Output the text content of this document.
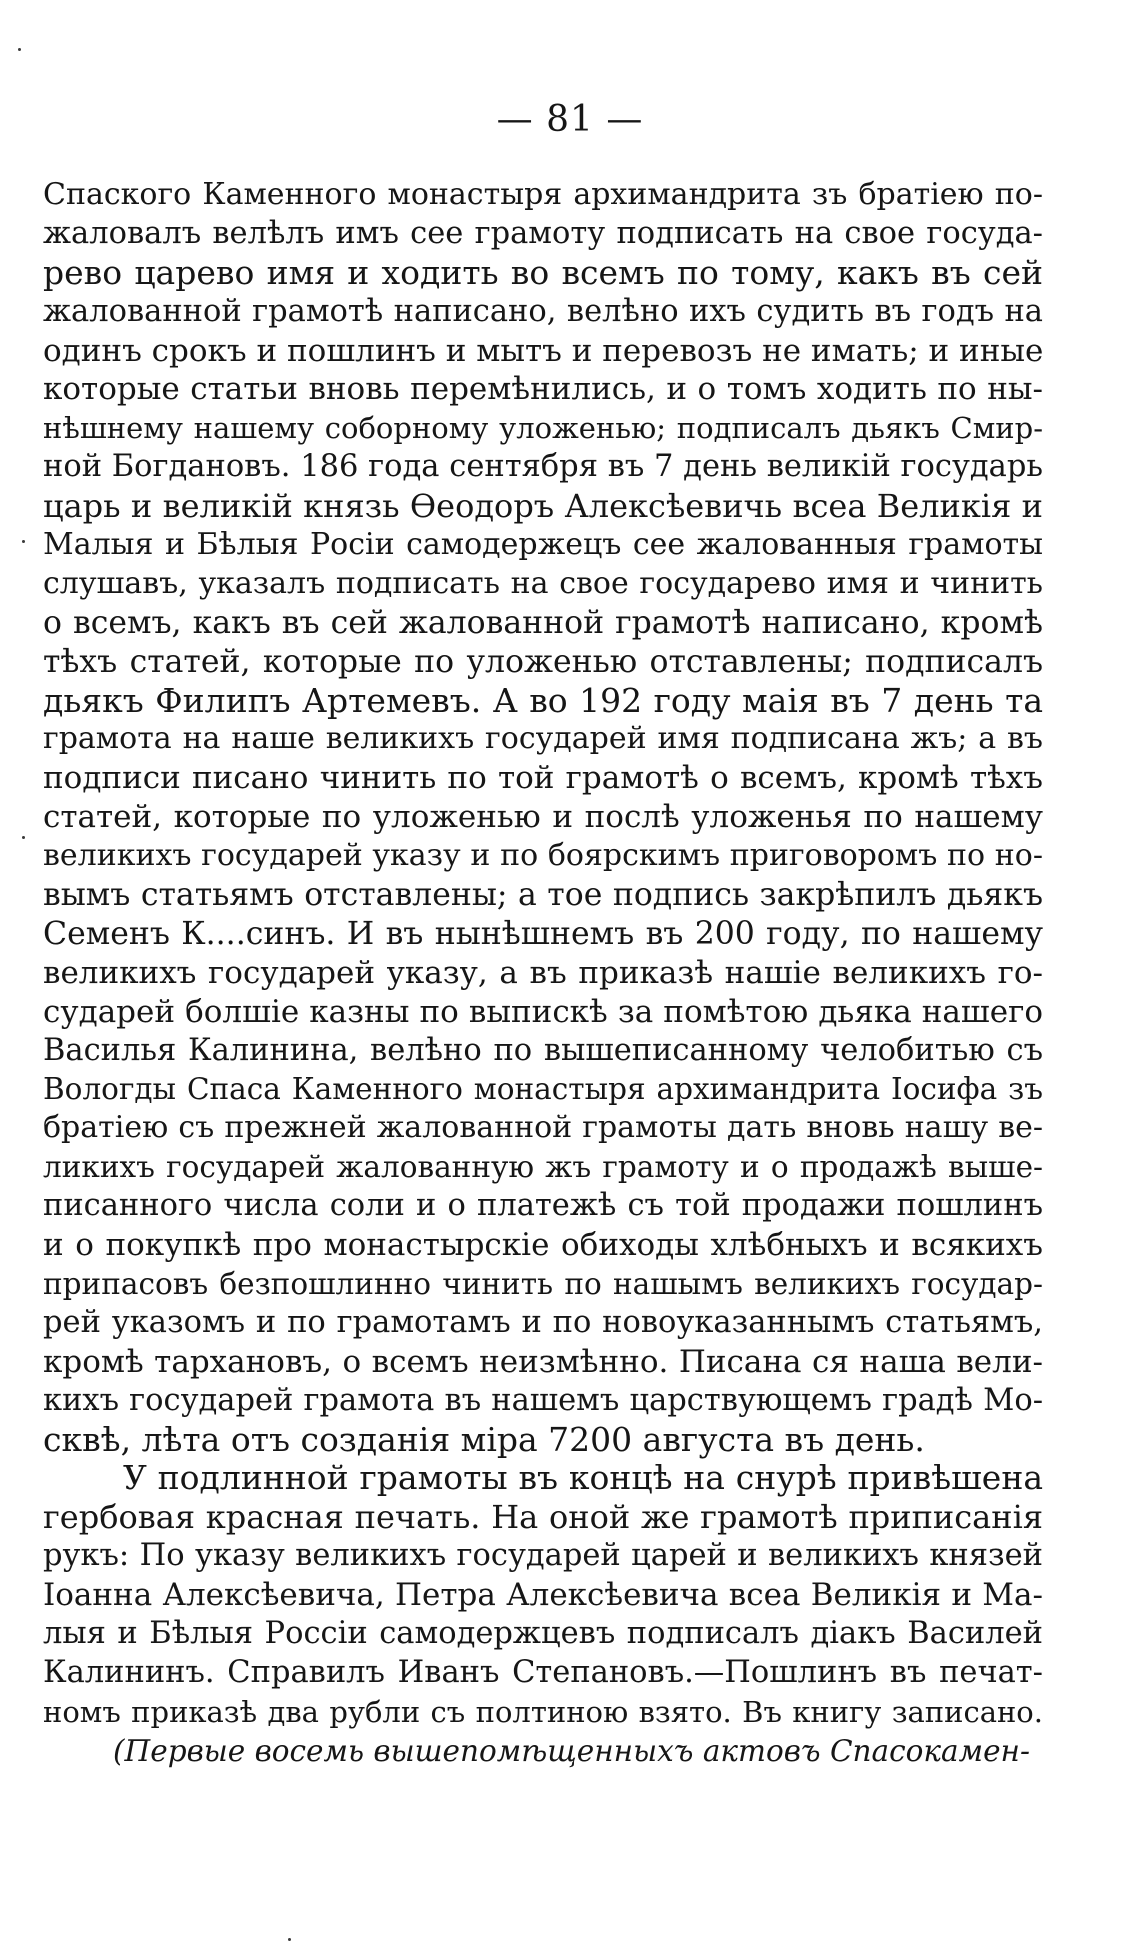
— 81 —
Спаского Каменного монастыря архимандрита зъ братіею по-
жаловалъ велѣлъ имъ сее грамоту подписать на свое госуда-
рево царево имя и ходить во всемъ по тому, какъ въ сей
жалованной грамотѣ написано, велѣно ихъ судить въ годъ на
одинъ срокъ и пошлинъ и мытъ и перевозъ не имать; и иные
которые статьи вновь перемѣнились, и о томъ ходить по ны-
нѣшнему нашему соборному уложенью; подписалъ дьякъ Смир-
ной Богдановъ. 186 года сентября въ 7 день великій государь
царь и великій князь Ѳеодоръ Алексѣевичь всеа Великія и
Малыя и Бѣлыя Росіи самодержецъ сее жалованныя грамоты
слушавъ, указалъ подписать на свое государево имя и чинить
о всемъ, какъ въ сей жалованной грамотѣ написано, кромѣ
тѣхъ статей, которые по уложенью отставлены; подписалъ
дьякъ Филипъ Артемевъ. А во 192 году маія въ 7 день та
грамота на наше великихъ государей имя подписана жъ; а въ
подписи писано чинить по той грамотѣ о всемъ, кромѣ тѣхъ
статей, которые по уложенью и послѣ уложенья по нашему
великихъ государей указу и по боярскимъ приговоромъ по но-
вымъ статьямъ отставлены; а тое подпись закрѣпилъ дьякъ
Семенъ К....синъ. И въ нынѣшнемъ въ 200 году, по нашему
великихъ государей указу, а въ приказѣ нашіе великихъ го-
сударей болшіе казны по выпискѣ за помѣтою дьяка нашего
Василья Калинина, велѣно по вышеписанному челобитью съ
Вологды Спаса Каменного монастыря архимандрита Іосифа зъ
братіею съ прежней жалованной грамоты дать вновь нашу ве-
ликихъ государей жалованную жъ грамоту и о продажѣ выше-
писанного числа соли и о платежѣ съ той продажи пошлинъ
и о покупкѣ про монастырскіе обиходы хлѣбныхъ и всякихъ
припасовъ безпошлинно чинить по нашымъ великихъ государ-
рей указомъ и по грамотамъ и по новоуказаннымъ статьямъ,
кромѣ тархановъ, о всемъ неизмѣнно. Писана ся наша вели-
кихъ государей грамота въ нашемъ царствующемъ градѣ Мо-
сквѣ, лѣта отъ созданія міра 7200 августа въ день.
У подлинной грамоты въ концѣ на снурѣ привѣшена
гербовая красная печать. На оной же грамотѣ приписанія
рукъ: По указу великихъ государей царей и великихъ князей
Іоанна Алексѣевича, Петра Алексѣевича всеа Великія и Ма-
лыя и Бѣлыя Россіи самодержцевъ подписалъ діакъ Василей
Калининъ. Справилъ Иванъ Степановъ.—Пошлинъ въ печат-
номъ приказѣ два рубли съ полтиною взято. Въ книгу записано.
(Первые восемь вышепомѣщенныхъ актовъ Спасокамен-
